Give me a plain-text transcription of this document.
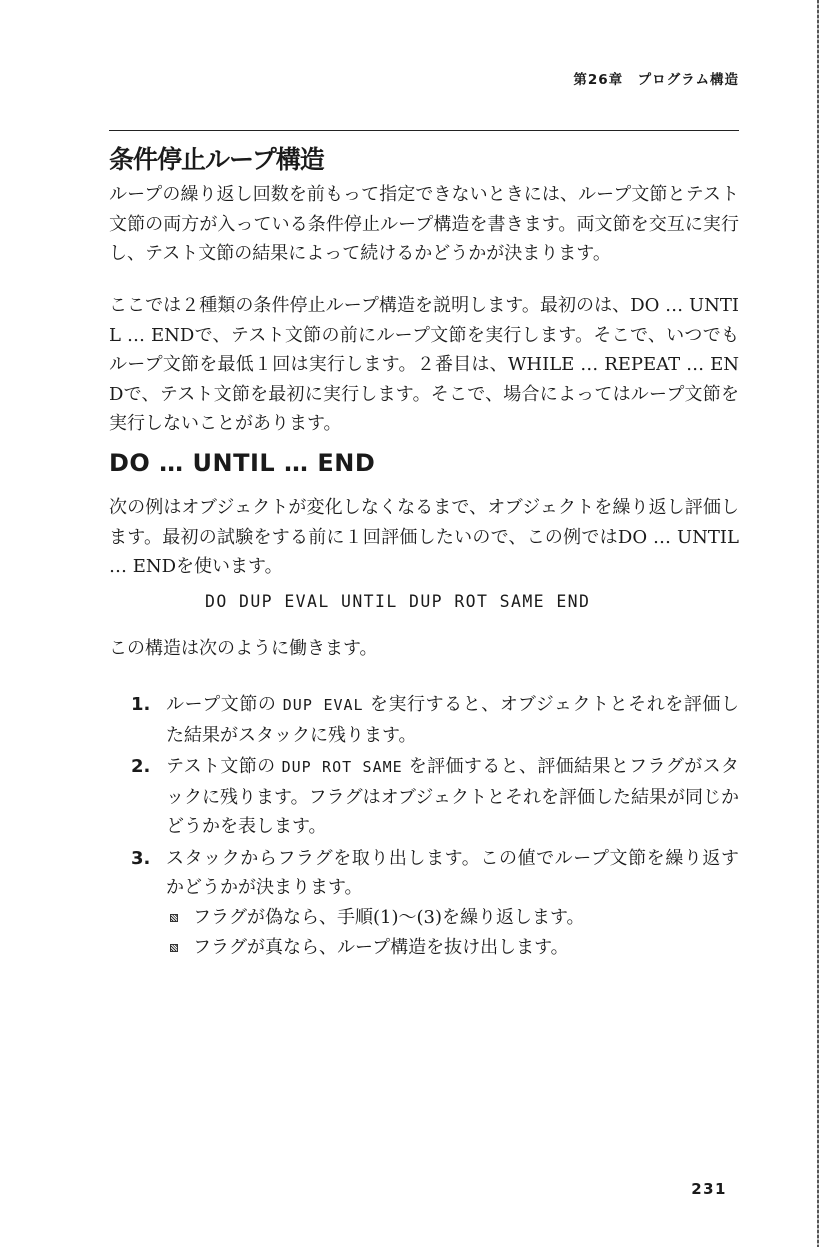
第26章　プログラム構造
条件停止ループ構造

ループの繰り返し回数を前もって指定できないときには、ループ文節とテスト文節の両方が入っている条件停止ループ構造を書きます。両文節を交互に実行し、テスト文節の結果によって続けるかどうかが決まります。

ここでは２種類の条件停止ループ構造を説明します。最初のは、DO … UNTIL … ENDで、テスト文節の前にループ文節を実行します。そこで、いつでもループ文節を最低１回は実行します。２番目は、WHILE … REPEAT … ENDで、テスト文節を最初に実行します。そこで、場合によってはループ文節を実行しないことがあります。

DO … UNTIL … END

次の例はオブジェクトが変化しなくなるまで、オブジェクトを繰り返し評価します。最初の試験をする前に１回評価したいので、この例ではDO … UNTIL … ENDを使います。

DO DUP EVAL UNTIL DUP ROT SAME END

この構造は次のように働きます。

1. ループ文節の DUP EVAL を実行すると、オブジェクトとそれを評価した結果がスタックに残ります。
2. テスト文節の DUP ROT SAME を評価すると、評価結果とフラグがスタックに残ります。フラグはオブジェクトとそれを評価した結果が同じかどうかを表します。
3. スタックからフラグを取り出します。この値でループ文節を繰り返すかどうかが決まります。
フラグが偽なら、手順(1)〜(3)を繰り返します。
フラグが真なら、ループ構造を抜け出します。
231
